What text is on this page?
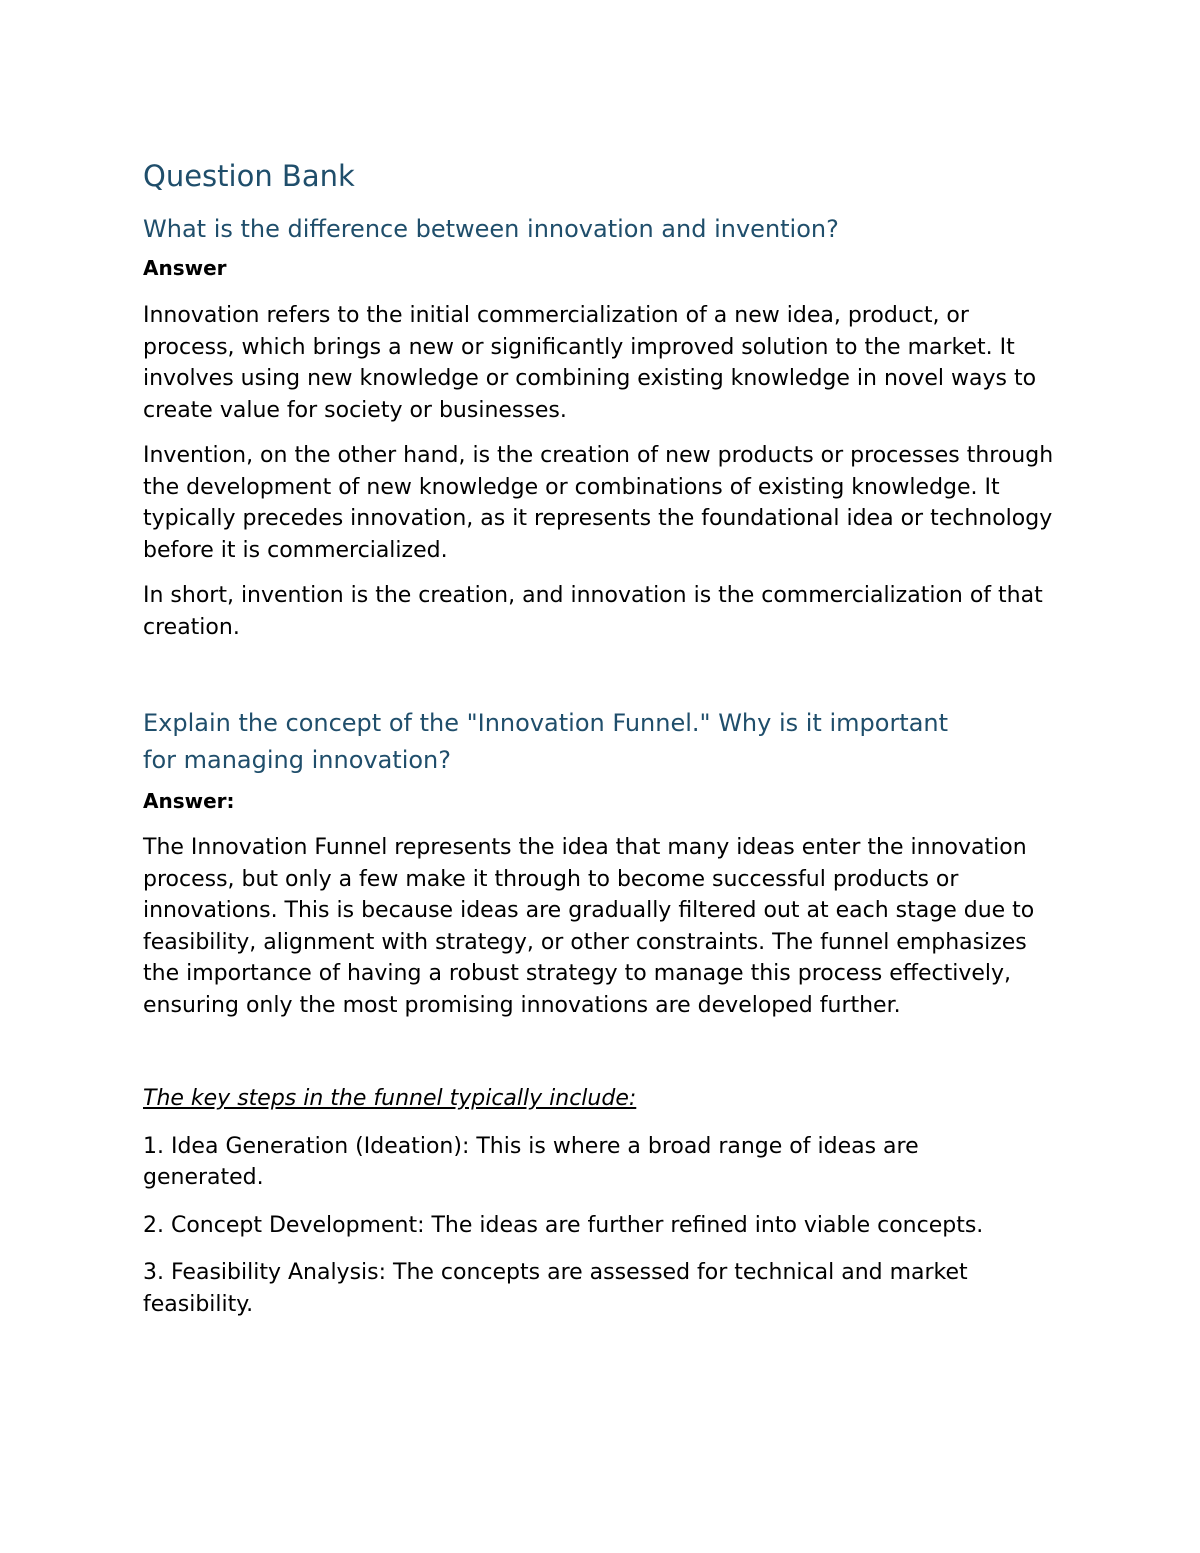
Question Bank
What is the difference between innovation and invention?
Answer

Innovation refers to the initial commercialization of a new idea, product, or process, which brings a new or significantly improved solution to the market. It involves using new knowledge or combining existing knowledge in novel ways to create value for society or businesses.

Invention, on the other hand, is the creation of new products or processes through the development of new knowledge or combinations of existing knowledge. It typically precedes innovation, as it represents the foundational idea or technology before it is commercialized.

In short, invention is the creation, and innovation is the commercialization of that creation.

Explain the concept of the "Innovation Funnel." Why is it important for managing innovation?
Answer:

The Innovation Funnel represents the idea that many ideas enter the innovation process, but only a few make it through to become successful products or innovations. This is because ideas are gradually filtered out at each stage due to feasibility, alignment with strategy, or other constraints. The funnel emphasizes the importance of having a robust strategy to manage this process effectively, ensuring only the most promising innovations are developed further.

The key steps in the funnel typically include:

1. Idea Generation (Ideation): This is where a broad range of ideas are generated.

2. Concept Development: The ideas are further refined into viable concepts.

3. Feasibility Analysis: The concepts are assessed for technical and market feasibility.
